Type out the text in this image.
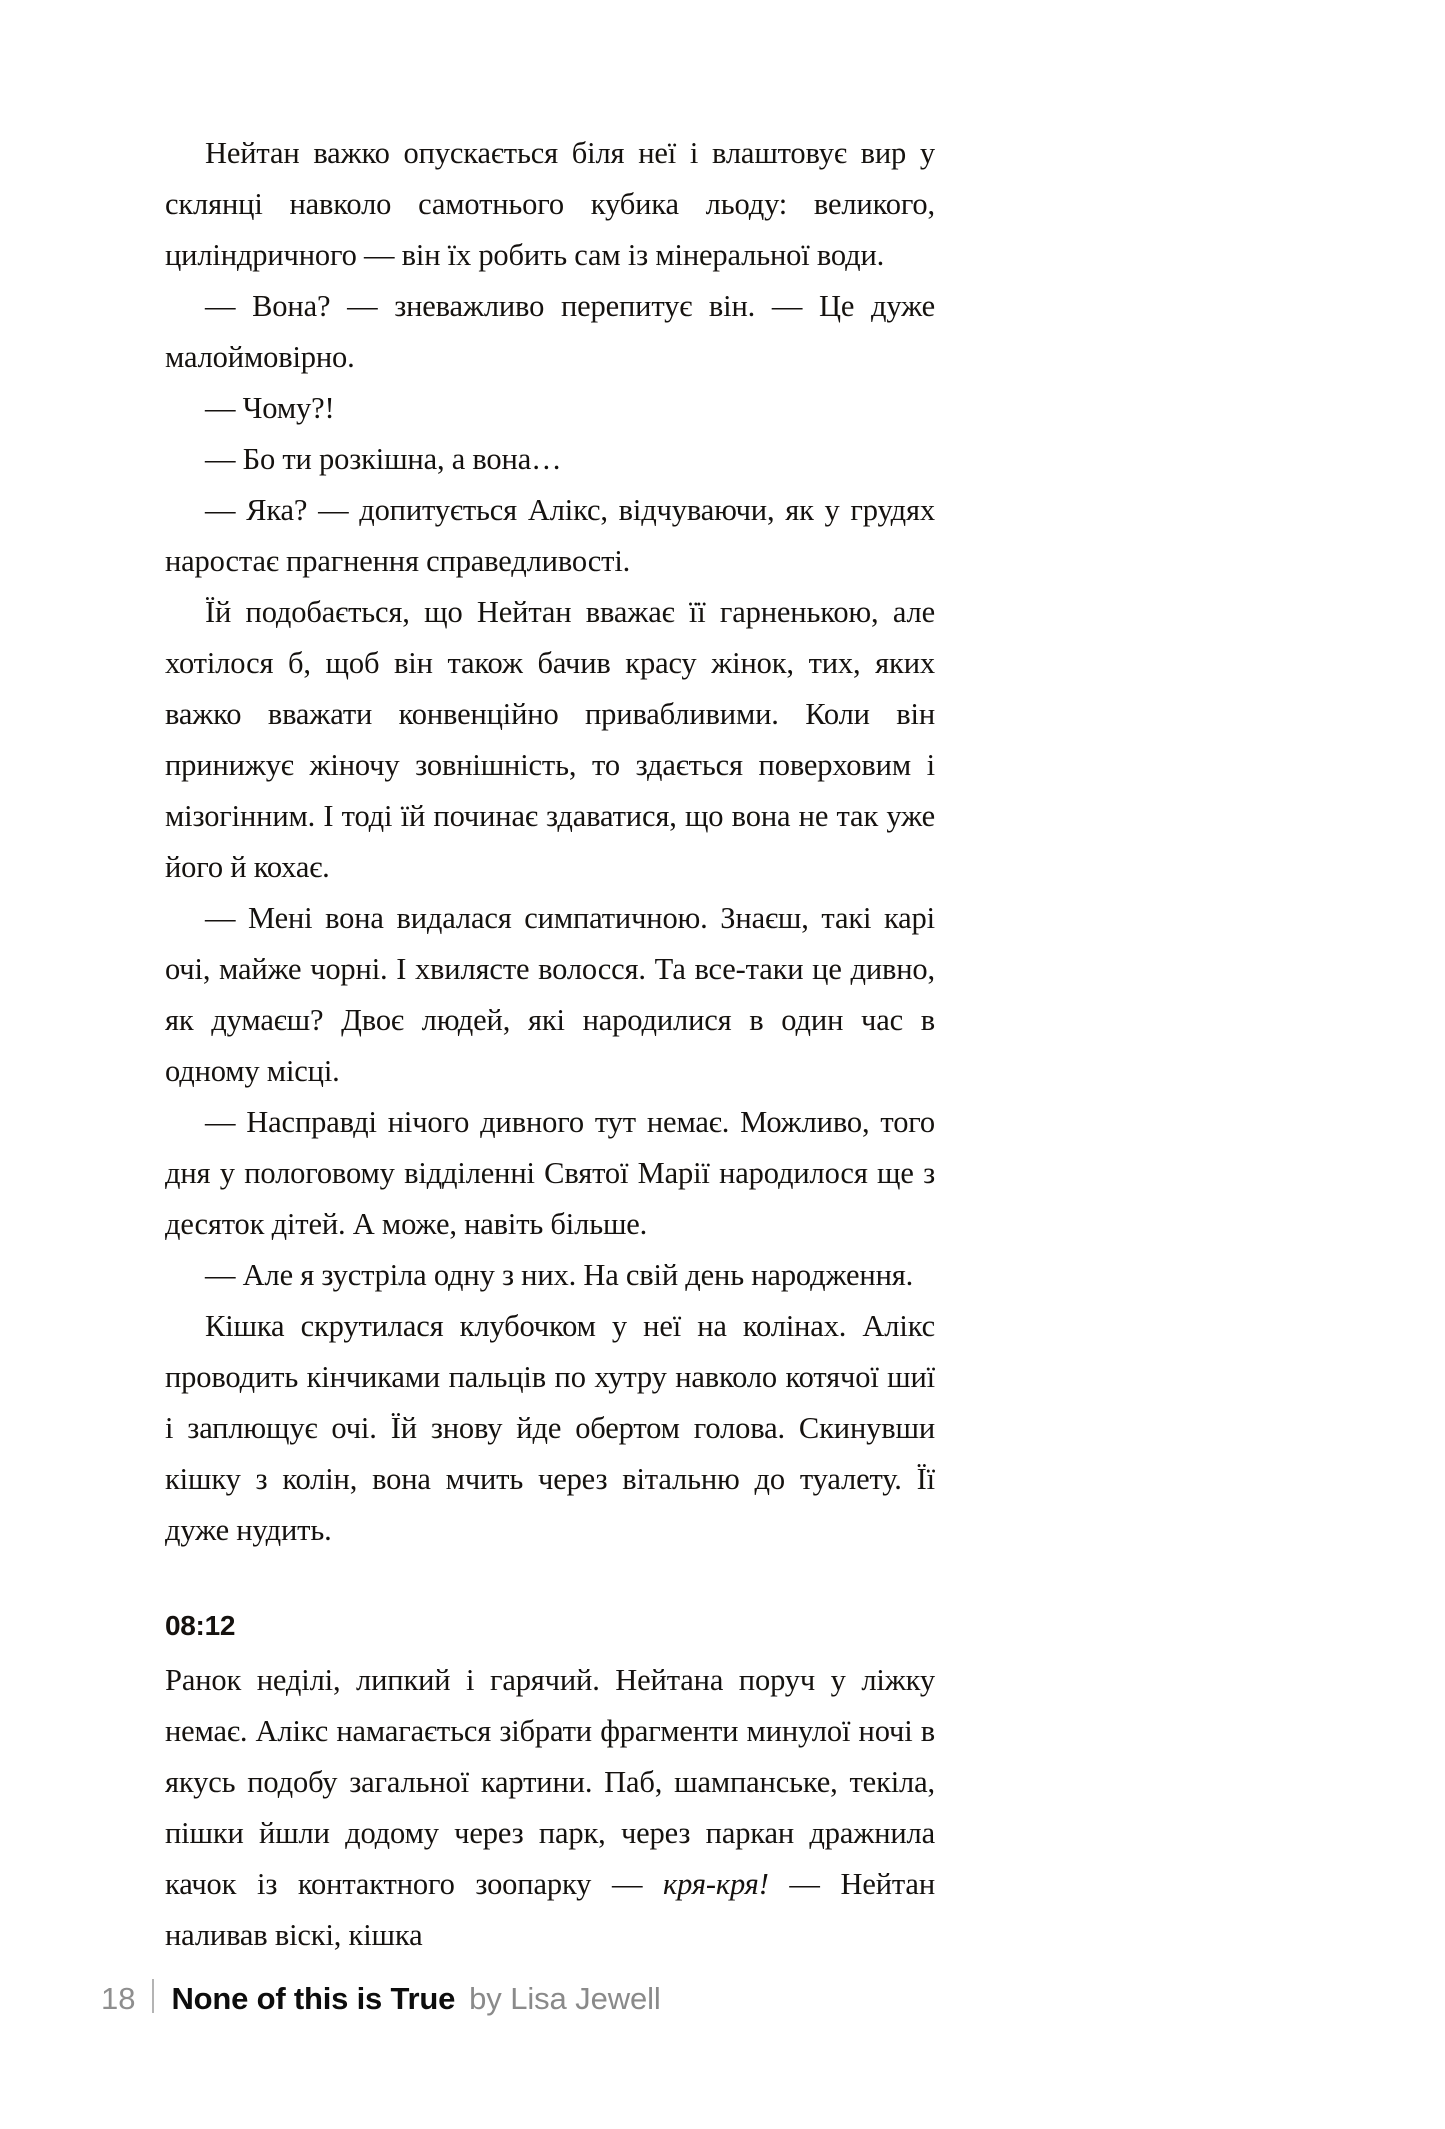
Нейтан важко опускається біля неї і влаштовує вир у склянці навколо самотнього кубика льоду: великого, циліндричного — він їх робить сам із мінеральної води.

— Вона? — зневажливо перепитує він. — Це дуже малоймовірно.

— Чому?!

— Бо ти розкішна, а вона…

— Яка? — допитується Алікс, відчуваючи, як у грудях наростає прагнення справедливості.

Їй подобається, що Нейтан вважає її гарненькою, але хотілося б, щоб він також бачив красу жінок, тих, яких важко вважати конвенційно привабливими. Коли він принижує жіночу зовнішність, то здається поверховим і мізогінним. І тоді їй починає здаватися, що вона не так уже його й кохає.

— Мені вона видалася симпатичною. Знаєш, такі карі очі, майже чорні. І хвилясте волосся. Та все-таки це дивно, як думаєш? Двоє людей, які народилися в один час в одному місці.

— Насправді нічого дивного тут немає. Можливо, того дня у пологовому відділенні Святої Марії народилося ще з десяток дітей. А може, навіть більше.

— Але я зустріла одну з них. На свій день народження.

Кішка скрутилася клубочком у неї на колінах. Алікс проводить кінчиками пальців по хутру навколо котячої шиї і заплющує очі. Їй знову йде обертом голова. Скинувши кішку з колін, вона мчить через вітальню до туалету. Її дуже нудить.

08:12

Ранок неділі, липкий і гарячий. Нейтана поруч у ліжку немає. Алікс намагається зібрати фрагменти минулої ночі в якусь подобу загальної картини. Паб, шампанське, текіла, пішки йшли додому через парк, через паркан дражнила качок із контактного зоопарку — кря-кря! — Нейтан наливав віскі, кішка

18 None of this is True by Lisa Jewell
